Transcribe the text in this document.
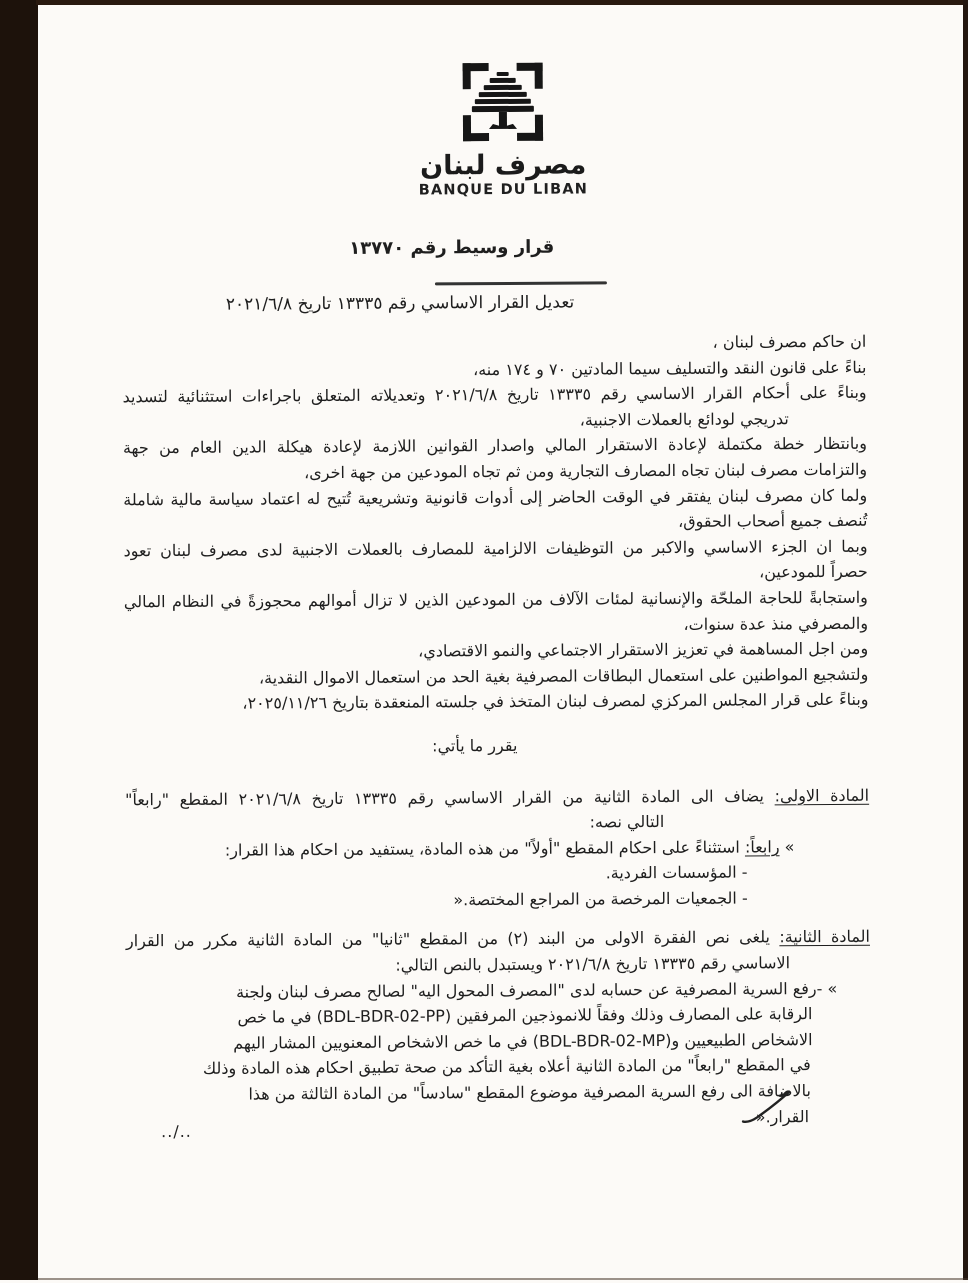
مصرف لبنان
BANQUE DU LIBAN
قرار وسيط رقم ١٣٧٧٠
تعديل القرار الاساسي رقم ١٣٣٣٥ تاريخ ٢٠٢١/٦/٨
ان حاكم مصرف لبنان ،
بناءً على قانون النقد والتسليف سيما المادتين ٧٠ و ١٧٤ منه،
وبناءً على أحكام القرار الاساسي رقم ١٣٣٣٥ تاريخ ٢٠٢١/٦/٨ وتعديلاته المتعلق باجراءات استثنائية لتسديد
تدريجي لودائع بالعملات الاجنبية،
وبانتظار خطة مكتملة لإعادة الاستقرار المالي واصدار القوانين اللازمة لإعادة هيكلة الدين العام من جهة
والتزامات مصرف لبنان تجاه المصارف التجارية ومن ثم تجاه المودعين من جهة اخرى،
ولما كان مصرف لبنان يفتقر في الوقت الحاضر إلى أدوات قانونية وتشريعية تُتيح له اعتماد سياسة مالية شاملة
تُنصف جميع أصحاب الحقوق،
وبما ان الجزء الاساسي والاكبر من التوظيفات الالزامية للمصارف بالعملات الاجنبية لدى مصرف لبنان تعود
حصراً للمودعين،
واستجابةً للحاجة الملحّة والإنسانية لمئات الآلاف من المودعين الذين لا تزال أموالهم محجوزةً في النظام المالي
والمصرفي منذ عدة سنوات،
ومن اجل المساهمة في تعزيز الاستقرار الاجتماعي والنمو الاقتصادي،
ولتشجيع المواطنين على استعمال البطاقات المصرفية بغية الحد من استعمال الاموال النقدية،
وبناءً على قرار المجلس المركزي لمصرف لبنان المتخذ في جلسته المنعقدة بتاريخ ٢٠٢٥/١١/٢٦،
يقرر ما يأتي:
المادة الاولى: يضاف الى المادة الثانية من القرار الاساسي رقم ١٣٣٣٥ تاريخ ٢٠٢١/٦/٨ المقطع "رابعاً"
التالي نصه:
» رابعاً: استثناءً على احكام المقطع "أولاً" من هذه المادة، يستفيد من احكام هذا القرار:
- المؤسسات الفردية.
- الجمعيات المرخصة من المراجع المختصة.«
المادة الثانية: يلغى نص الفقرة الاولى من البند (٢) من المقطع "ثانيا" من المادة الثانية مكرر من القرار
الاساسي رقم ١٣٣٣٥ تاريخ ٢٠٢١/٦/٨ ويستبدل بالنص التالي:
» -رفع السرية المصرفية عن حسابه لدى "المصرف المحول اليه" لصالح مصرف لبنان ولجنة
الرقابة على المصارف وذلك وفقاً للانموذجين المرفقين (BDL-BDR-02-PP) في ما خص
الاشخاص الطبيعيين و(BDL-BDR-02-MP) في ما خص الاشخاص المعنويين المشار اليهم
في المقطع "رابعاً" من المادة الثانية أعلاه بغية التأكد من صحة تطبيق احكام هذه المادة وذلك
بالاضافة الى رفع السرية المصرفية موضوع المقطع "سادساً" من المادة الثالثة من هذا
القرار.«
../..
